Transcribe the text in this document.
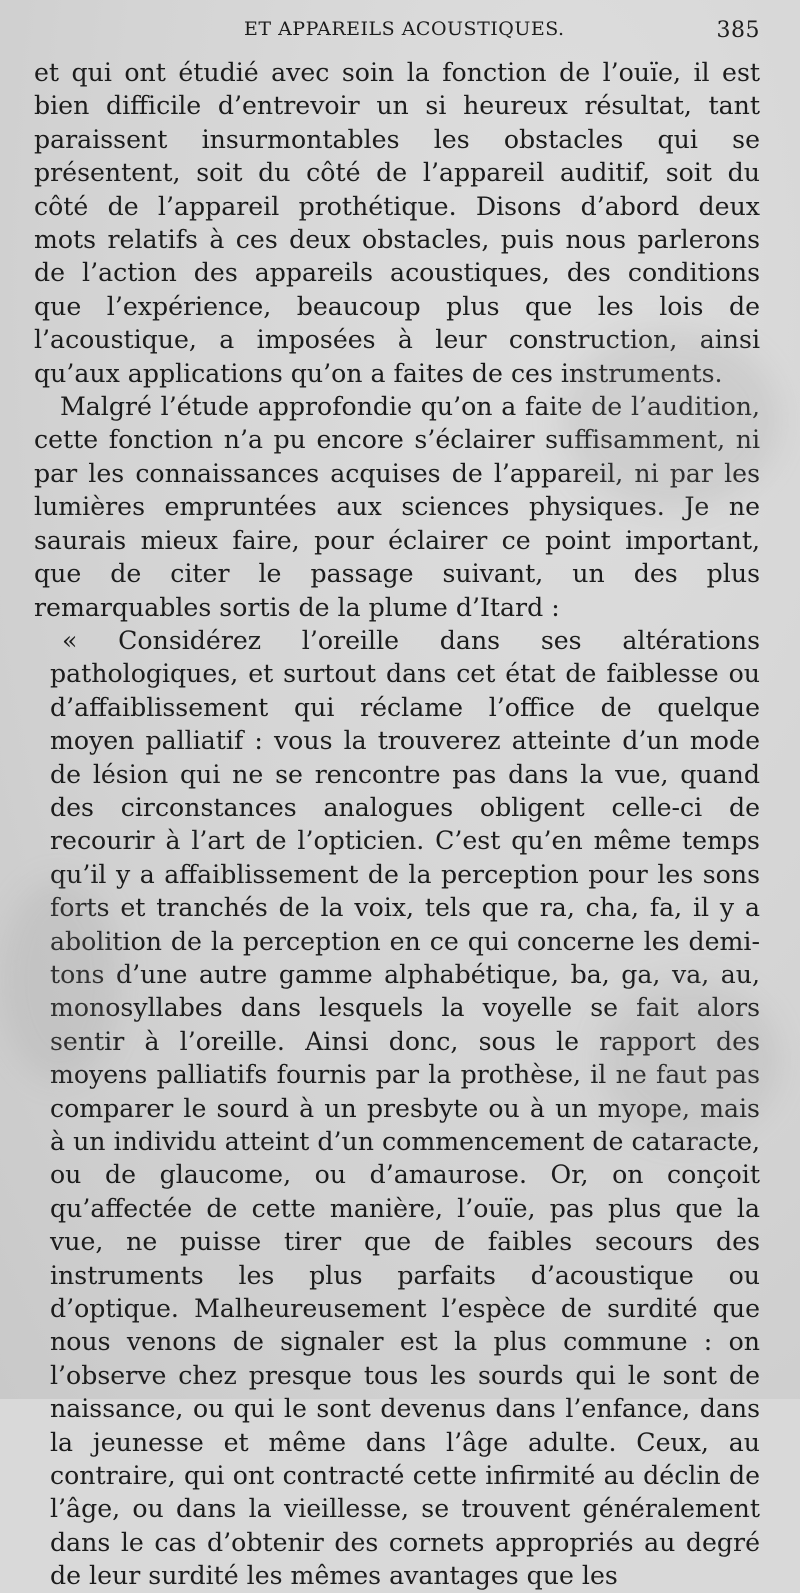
ET APPAREILS ACOUSTIQUES.	385

et qui ont étudié avec soin la fonction de l’ouïe, il est bien difficile d’entrevoir un si heureux résultat, tant paraissent insurmontables les obstacles qui se présentent, soit du côté de l’appareil auditif, soit du côté de l’appareil prothétique. Disons d’abord deux mots relatifs à ces deux obstacles, puis nous parlerons de l’action des appareils acoustiques, des conditions que l’expérience, beaucoup plus que les lois de l’acoustique, a imposées à leur construction, ainsi qu’aux applications qu’on a faites de ces instruments.

Malgré l’étude approfondie qu’on a faite de l’audition, cette fonction n’a pu encore s’éclairer suffisamment, ni par les connaissances acquises de l’appareil, ni par les lumières empruntées aux sciences physiques. Je ne saurais mieux faire, pour éclairer ce point important, que de citer le passage suivant, un des plus remarquables sortis de la plume d’Itard :

« Considérez l’oreille dans ses altérations pathologiques, et surtout dans cet état de faiblesse ou d’affaiblissement qui réclame l’office de quelque moyen palliatif : vous la trouverez atteinte d’un mode de lésion qui ne se rencontre pas dans la vue, quand des circonstances analogues obligent celle-ci de recourir à l’art de l’opticien. C’est qu’en même temps qu’il y a affaiblissement de la perception pour les sons forts et tranchés de la voix, tels que ra, cha, fa, il y a abolition de la perception en ce qui concerne les demi-tons d’une autre gamme alphabétique, ba, ga, va, au, monosyllabes dans lesquels la voyelle se fait alors sentir à l’oreille. Ainsi donc, sous le rapport des moyens palliatifs fournis par la prothèse, il ne faut pas comparer le sourd à un presbyte ou à un myope, mais à un individu atteint d’un commencement de cataracte, ou de glaucome, ou d’amaurose. Or, on conçoit qu’affectée de cette manière, l’ouïe, pas plus que la vue, ne puisse tirer que de faibles secours des instruments les plus parfaits d’acoustique ou d’optique. Malheureusement l’espèce de surdité que nous venons de signaler est la plus commune : on l’observe chez presque tous les sourds qui le sont de naissance, ou qui le sont devenus dans l’enfance, dans la jeunesse et même dans l’âge adulte. Ceux, au contraire, qui ont contracté cette infirmité au déclin de l’âge, ou dans la vieillesse, se trouvent généralement dans le cas d’obtenir des cornets appropriés au degré de leur surdité les mêmes avantages que les
